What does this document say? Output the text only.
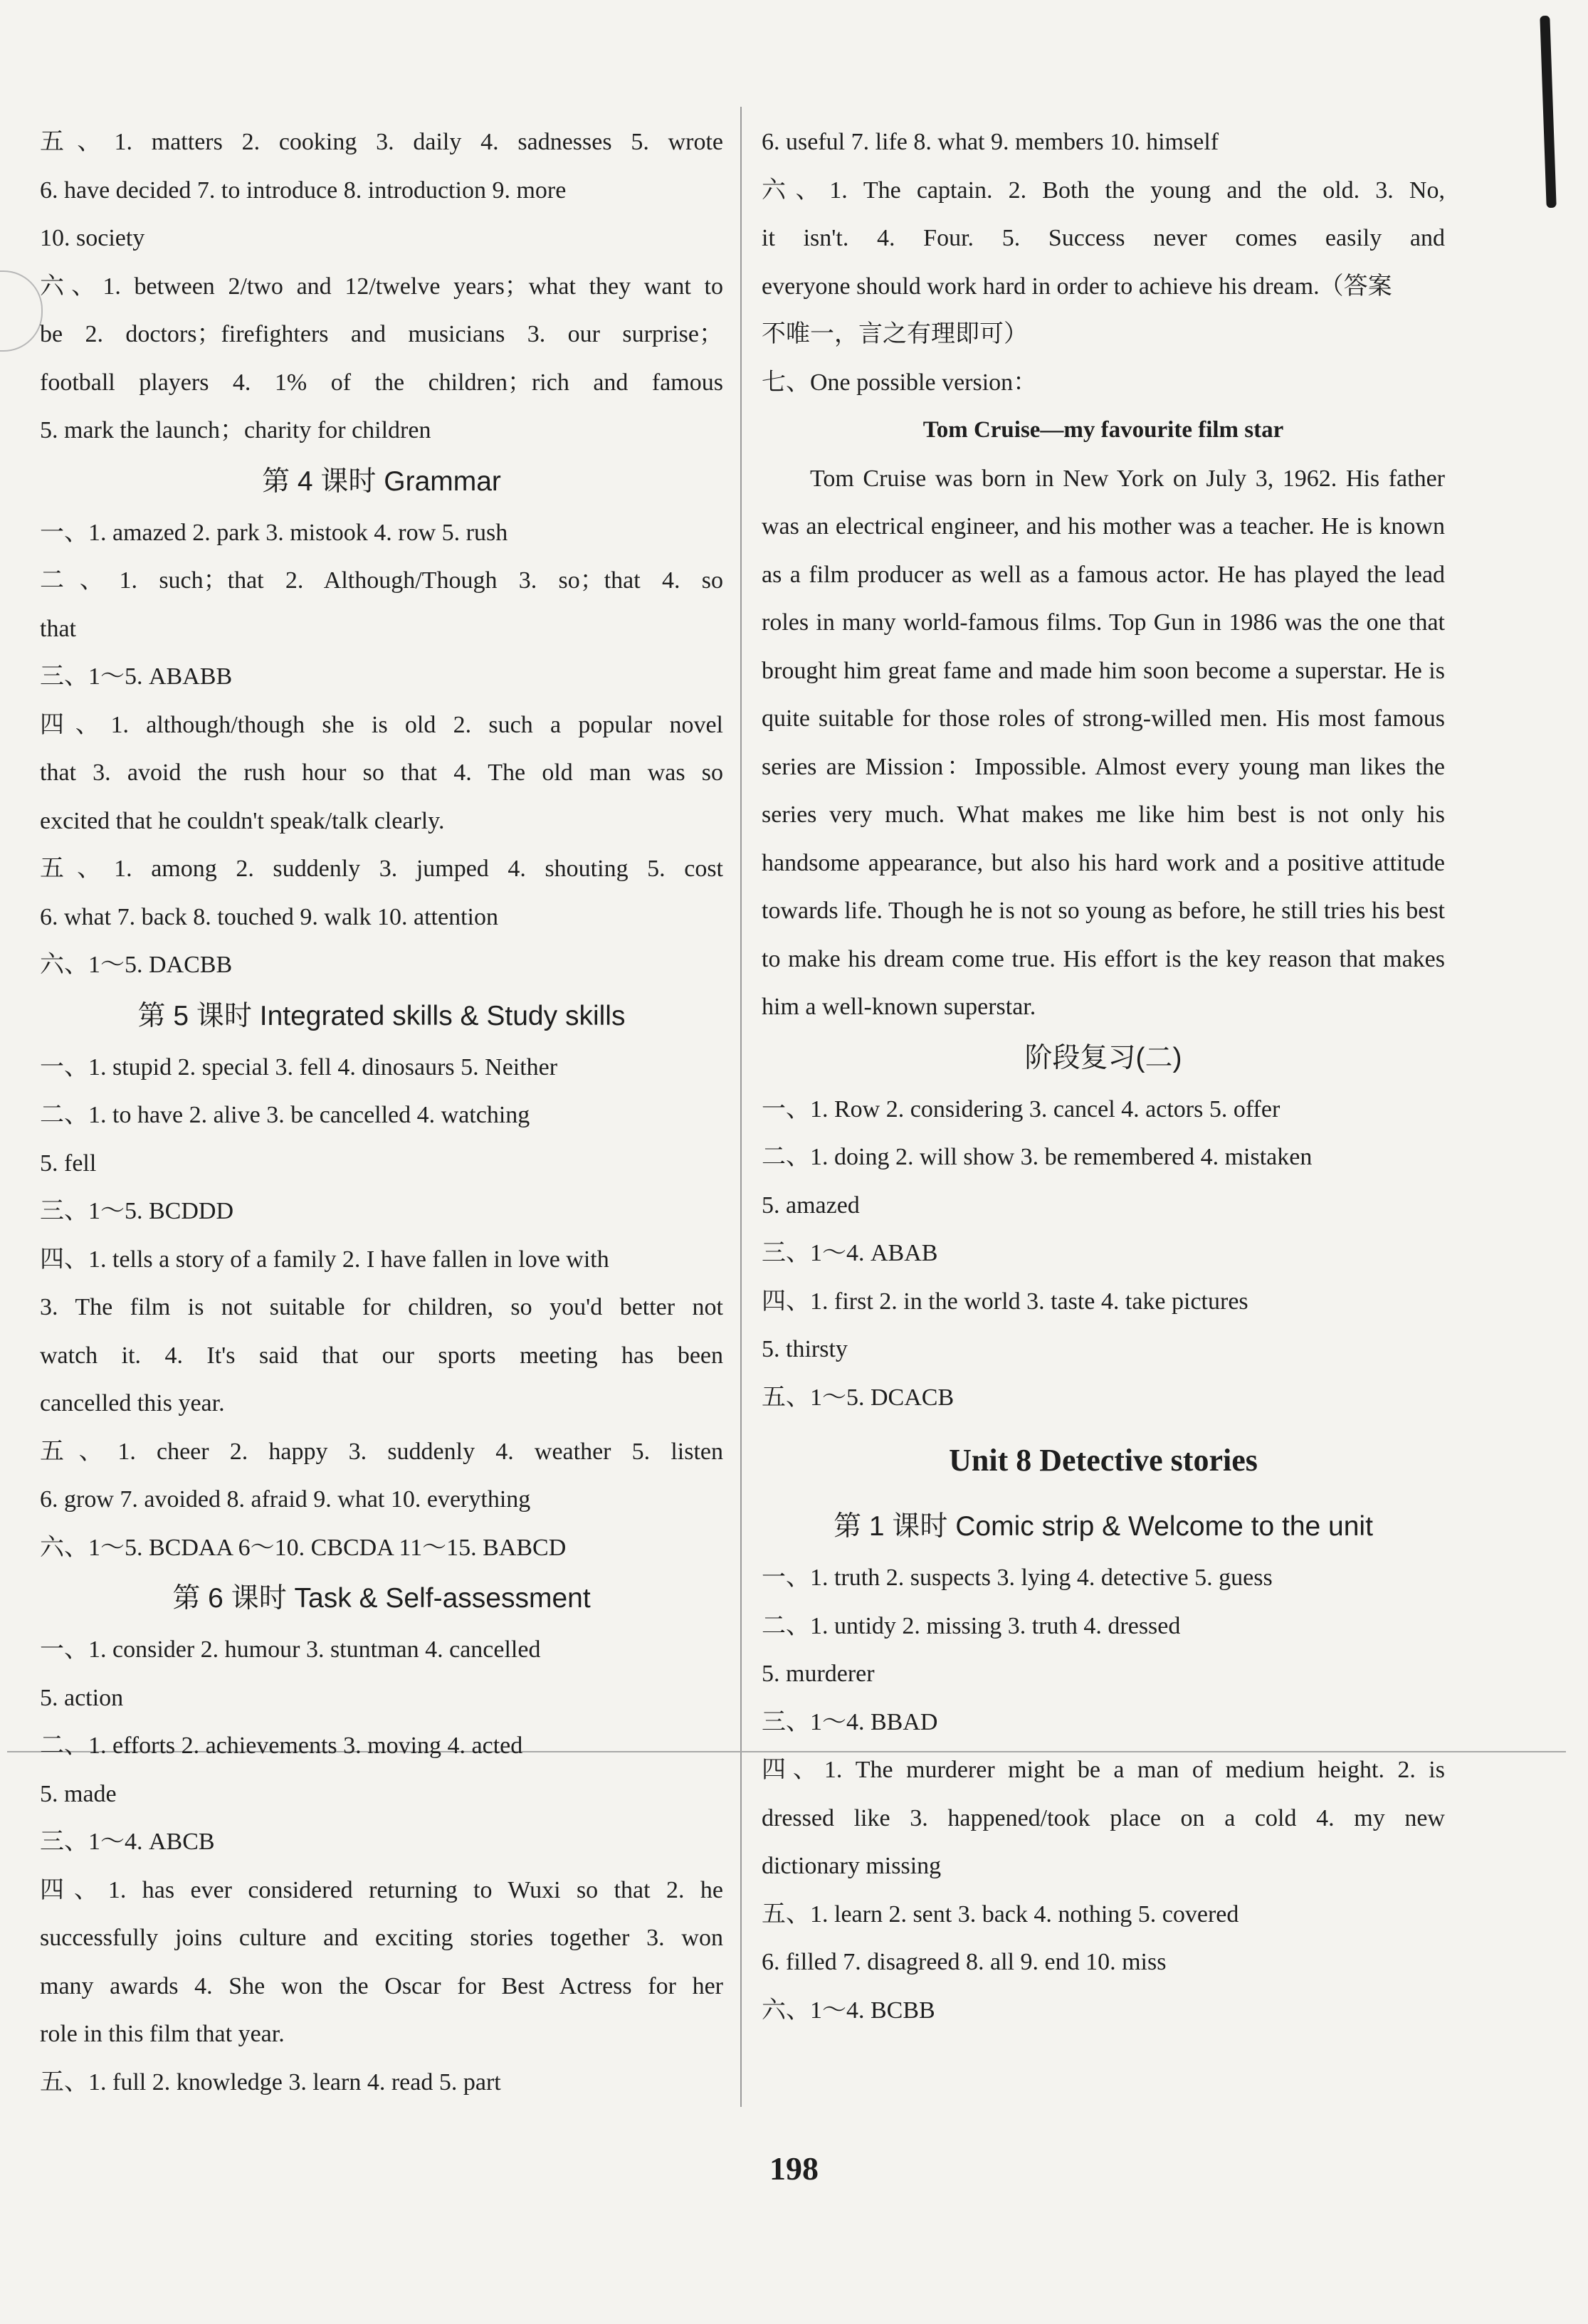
五、1. matters 2. cooking 3. daily 4. sadnesses 5. wrote
6. have decided 7. to introduce 8. introduction 9. more
10. society
六、1. between 2/two and 12/twelve years；what they want to
be 2. doctors；firefighters and musicians 3. our surprise；
football players 4. 1% of the children；rich and famous
5. mark the launch；charity for children
第 4 课时 Grammar
一、1. amazed 2. park 3. mistook 4. row 5. rush
二、1. such；that 2. Although/Though 3. so；that 4. so
that
三、1～5. ABABB
四、1. although/though she is old 2. such a popular novel
that 3. avoid the rush hour so that 4. The old man was so
excited that he couldn't speak/talk clearly.
五、1. among 2. suddenly 3. jumped 4. shouting 5. cost
6. what 7. back 8. touched 9. walk 10. attention
六、1～5. DACBB
第 5 课时 Integrated skills & Study skills
一、1. stupid 2. special 3. fell 4. dinosaurs 5. Neither
二、1. to have 2. alive 3. be cancelled 4. watching
5. fell
三、1～5. BCDDD
四、1. tells a story of a family 2. I have fallen in love with
3. The film is not suitable for children, so you'd better not
watch it. 4. It's said that our sports meeting has been
cancelled this year.
五、1. cheer 2. happy 3. suddenly 4. weather 5. listen
6. grow 7. avoided 8. afraid 9. what 10. everything
六、1～5. BCDAA 6～10. CBCDA 11～15. BABCD
第 6 课时 Task & Self-assessment
一、1. consider 2. humour 3. stuntman 4. cancelled
5. action
二、1. efforts 2. achievements 3. moving 4. acted
5. made
三、1～4. ABCB
四、1. has ever considered returning to Wuxi so that 2. he
successfully joins culture and exciting stories together 3. won
many awards 4. She won the Oscar for Best Actress for her
role in this film that year.
五、1. full 2. knowledge 3. learn 4. read 5. part
6. useful 7. life 8. what 9. members 10. himself
六、1. The captain. 2. Both the young and the old. 3. No,
it isn't. 4. Four. 5. Success never comes easily and
everyone should work hard in order to achieve his dream.（答案
不唯一，言之有理即可）
七、One possible version：
Tom Cruise—my favourite film star
Tom Cruise was born in New York on July 3, 1962. His father was an electrical engineer, and his mother was a teacher. He is known as a film producer as well as a famous actor. He has played the lead roles in many world-famous films. Top Gun in 1986 was the one that brought him great fame and made him soon become a superstar. He is quite suitable for those roles of strong-willed men. His most famous series are Mission：Impossible. Almost every young man likes the series very much. What makes me like him best is not only his handsome appearance, but also his hard work and a positive attitude towards life. Though he is not so young as before, he still tries his best to make his dream come true. His effort is the key reason that makes him a well-known superstar.
阶段复习(二)
一、1. Row 2. considering 3. cancel 4. actors 5. offer
二、1. doing 2. will show 3. be remembered 4. mistaken
5. amazed
三、1～4. ABAB
四、1. first 2. in the world 3. taste 4. take pictures
5. thirsty
五、1～5. DCACB
Unit 8 Detective stories
第 1 课时 Comic strip & Welcome to the unit
一、1. truth 2. suspects 3. lying 4. detective 5. guess
二、1. untidy 2. missing 3. truth 4. dressed
5. murderer
三、1～4. BBAD
四、1. The murderer might be a man of medium height. 2. is
dressed like 3. happened/took place on a cold 4. my new
dictionary missing
五、1. learn 2. sent 3. back 4. nothing 5. covered
6. filled 7. disagreed 8. all 9. end 10. miss
六、1～4. BCBB
198
